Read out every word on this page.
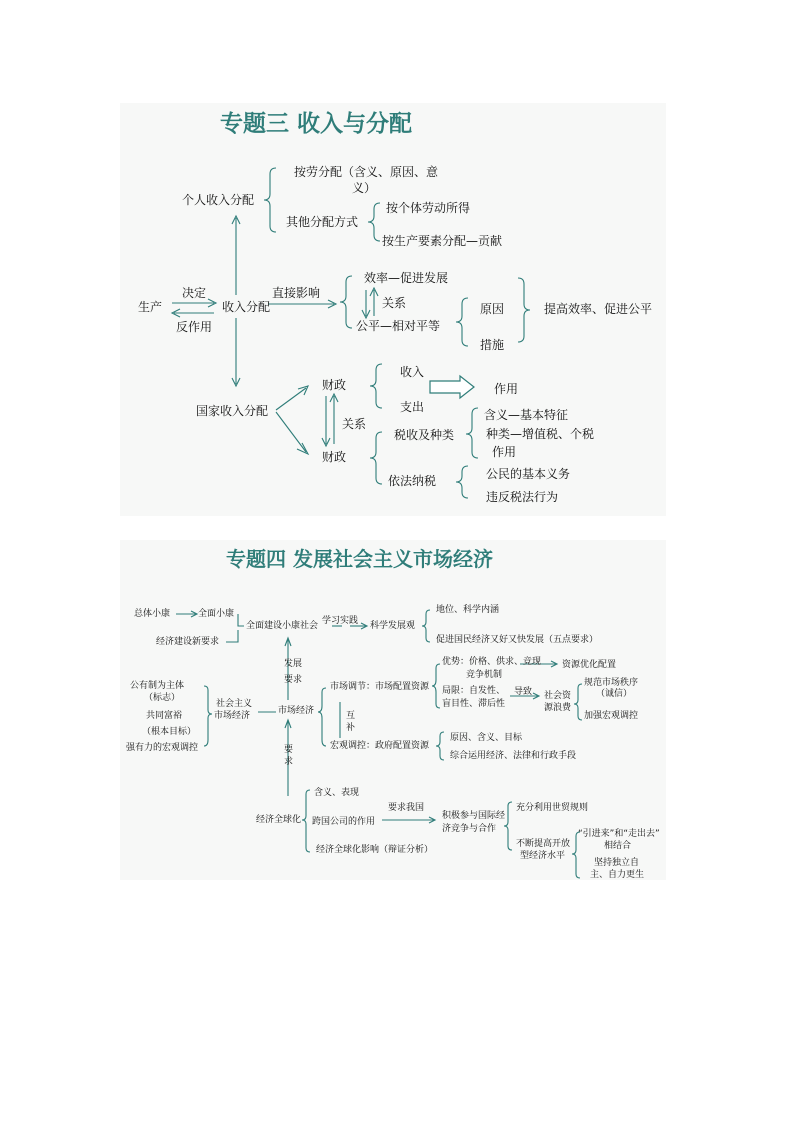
专题三 收入与分配
按劳分配（含义、原因、意
义）
个人收入分配
按个体劳动所得
其他分配方式
按生产要素分配—贡献
决定	直接影响
效率—促进发展
生产	收入分配	关系	原因	提高效率、促进公平
反作用	公平—相对平等
措施
收入
财政	作用
支出
国家收入分配	含义—基本特征
关系
税收及种类	种类—增值税、个税
作用
财政
依法纳税	公民的基本义务
违反税法行为
专题四 发展社会主义市场经济
总体小康	全面小康
全面建设小康社会 学习实践 科学发展观
地位、科学内涵
经济建设新要求	促进国民经济又好又快发展（五点要求）
发展
要求
优势：价格、供求、竞现 资源优化配置
竞争机制
市场调节：市场配置资源	规范市场秩序
公有制为主体
（诚信）
（标志）
局限：自发性、 导致 社会资
社会主义	源浪费
共同富裕	市场经济	市场经济
盲目性、滞后性
加强宏观调控
互
（根本目标）	补
原因、含义、目标
强有力的宏观调控	宏观调控：政府配置资源
要
综合运用经济、法律和行政手段
求
含义、表现
要求我国	充分利用世贸规则
经济全球化	积极参与国际经
跨国公司的作用
济竞争与合作	“引进来”和“走出去”
相结合
不断提高开放
型经济水平
经济全球化影响（辩证分析）
坚持独立自
主、自力更生
